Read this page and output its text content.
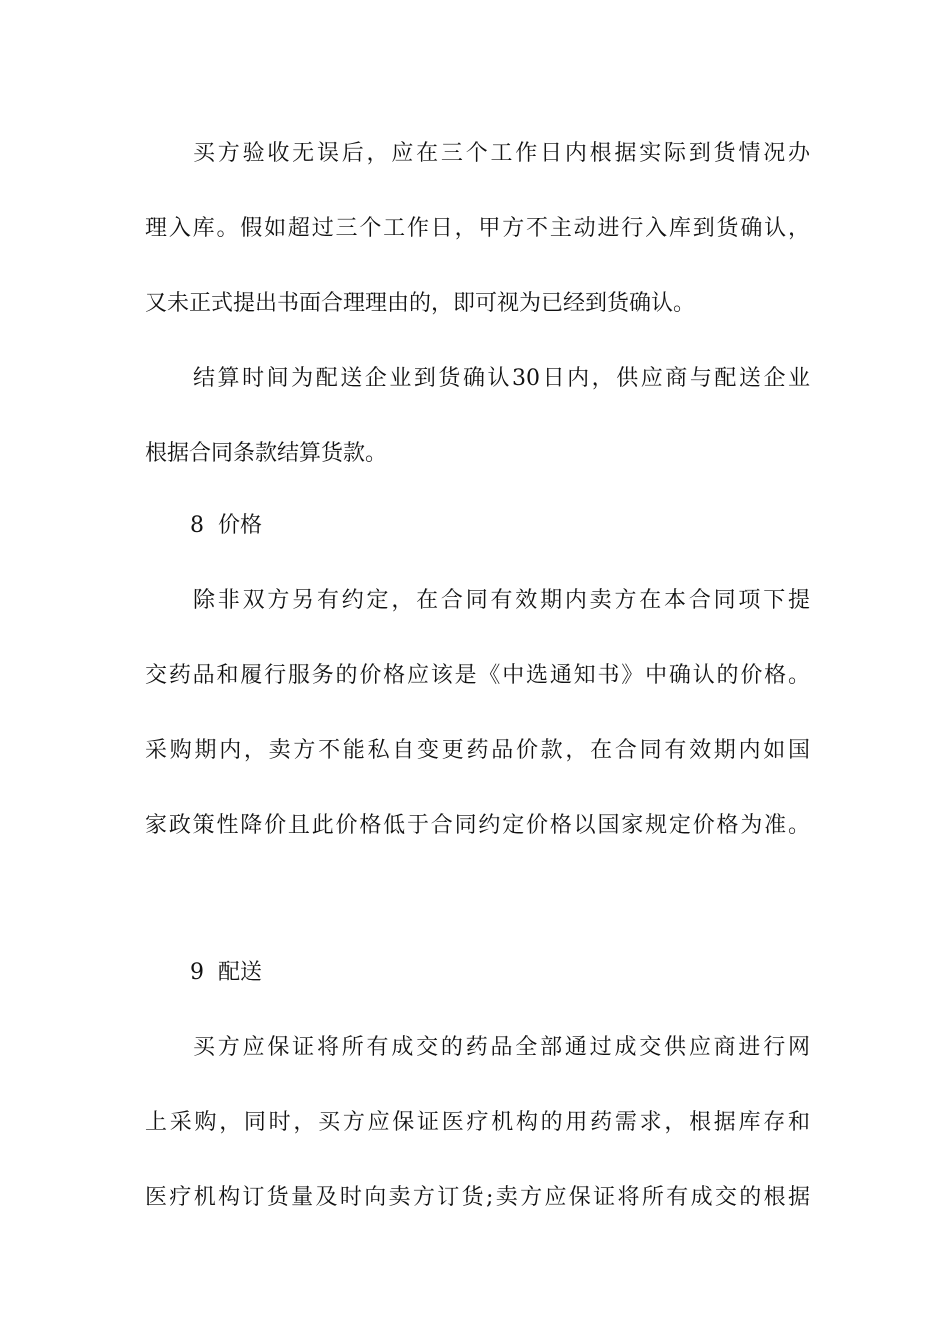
买方验收无误后，应在三个工作日内根据实际到货情况办
理入库。假如超过三个工作日，甲方不主动进行入库到货确认，
又未正式提出书面合理理由的，即可视为已经到货确认。
结算时间为配送企业到货确认30日内，供应商与配送企业
根据合同条款结算货款。
8  价格
除非双方另有约定，在合同有效期内卖方在本合同项下提
交药品和履行服务的价格应该是《中选通知书》中确认的价格。
采购期内，卖方不能私自变更药品价款，在合同有效期内如国
家政策性降价且此价格低于合同约定价格以国家规定价格为准。
9  配送
买方应保证将所有成交的药品全部通过成交供应商进行网
上采购，同时，买方应保证医疗机构的用药需求，根据库存和
医疗机构订货量及时向卖方订货;卖方应保证将所有成交的根据
